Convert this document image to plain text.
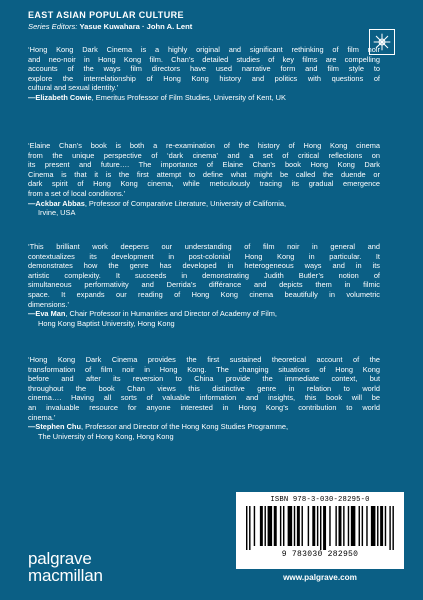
EAST ASIAN POPULAR CULTURE
Series Editors: Yasue Kuwahara · John A. Lent
‘Hong Kong Dark Cinema is a highly original and significant rethinking of film noir
and neo-noir in Hong Kong film. Chan’s detailed studies of key films are compelling
accounts of the ways film directors have used narrative form and film style to
explore the interrelationship of Hong Kong history and politics with questions of
cultural and sexual identity.’
—Elizabeth Cowie, Emeritus Professor of Film Studies, University of Kent, UK
‘Elaine Chan’s book is both a re-examination of the history of Hong Kong cinema
from the unique perspective of ‘dark cinema’ and a set of critical reflections on
its present and future…. The importance of Elaine Chan’s book Hong Kong Dark
Cinema is that it is the first attempt to define what might be called the duende or
dark spirit of Hong Kong cinema, while meticulously tracing its gradual emergence
from a set of local conditions.’
—Ackbar Abbas, Professor of Comparative Literature, University of California,
Irvine, USA
‘This brilliant work deepens our understanding of film noir in general and
contextualizes its development in post-colonial Hong Kong in particular. It
demonstrates how the genre has developed in heterogeneous ways and in its
artistic complexity. It succeeds in demonstrating Judith Butler’s notion of
simultaneous performativity and Derrida’s différance and depicts them in filmic
space. It expands our reading of Hong Kong cinema beautifully in volumetric
dimensions.’
—Eva Man, Chair Professor in Humanities and Director of Academy of Film,
Hong Kong Baptist University, Hong Kong
‘Hong Kong Dark Cinema provides the first sustained theoretical account of the
transformation of film noir in Hong Kong. The changing situations of Hong Kong
before and after its reversion to China provide the immediate context, but
throughout the book Chan views this distinctive genre in relation to world
cinema…. Having all sorts of valuable information and insights, this book will be
an invaluable resource for anyone interested in Hong Kong’s contribution to world
cinema.’
—Stephen Chu, Professor and Director of the Hong Kong Studies Programme,
The University of Hong Kong, Hong Kong
ISBN 978-3-030-28295-0
9 783030 282950
www.palgrave.com
palgrave
macmillan
